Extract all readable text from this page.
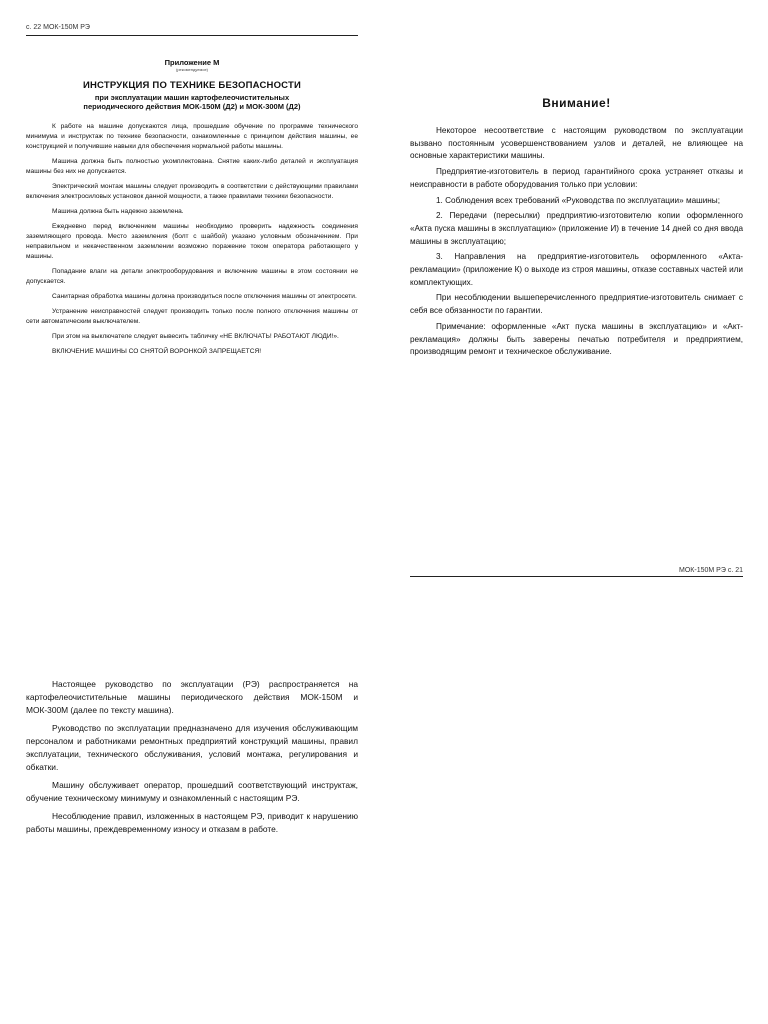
с. 22 МОК-150М РЭ
Приложение М
(рекомендуемое)
ИНСТРУКЦИЯ ПО ТЕХНИКЕ БЕЗОПАСНОСТИ
при эксплуатации машин картофелеочистительных
периодического действия МОК-150М (Д2) и МОК-300М (Д2)

К работе на машине допускаются лица, прошедшие обучение по программе технического минимума и инструктаж по технике безопасности, ознакомленные с принципом действия машины, ее конструкцией и получившие навыки для обеспечения нормальной работы машины.

Машина должна быть полностью укомплектована. Снятие каких-либо деталей и эксплуатация машины без них не допускается.

Электрический монтаж машины следует производить в соответствии с действующими правилами включения электросиловых установок данной мощности, а также правилами техники безопасности.

Машина должна быть надежно заземлена.

Ежедневно перед включением машины необходимо проверить надежность соединения заземляющего провода. Место заземления (болт с шайбой) указано условным обозначением. При неправильном и некачественном заземлении возможно поражение током оператора работающего у машины.

Попадание влаги на детали электрооборудования и включение машины в этом состоянии не допускается.

Санитарная обработка машины должна производиться после отключения машины от электросети.

Устранение неисправностей следует производить только после полного отключения машины от сети автоматическим выключателем.

При этом на выключателе следует вывесить табличку «НЕ ВКЛЮЧАТЬ! РАБОТАЮТ ЛЮДИ!».

ВКЛЮЧЕНИЕ МАШИНЫ СО СНЯТОЙ ВОРОНКОЙ ЗАПРЕЩАЕТСЯ!

Внимание!

Некоторое несоответствие с настоящим руководством по эксплуатации вызвано постоянным усовершенствованием узлов и деталей, не влияющее на основные характеристики машины.

Предприятие-изготовитель в период гарантийного срока устраняет отказы и неисправности в работе оборудования только при условии:

1. Соблюдения всех требований «Руководства по эксплуатации» машины;

2. Передачи (пересылки) предприятию-изготовителю копии оформленного «Акта пуска машины в эксплуатацию» (приложение И) в течение 14 дней со дня ввода машины в эксплуатацию;

3. Направления на предприятие-изготовитель оформленного «Акта-рекламации» (приложение К) о выходе из строя машины, отказе составных частей или комплектующих.

При несоблюдении вышеперечисленного предприятие-изготовитель снимает с себя все обязанности по гарантии.

Примечание: оформленные «Акт пуска машины в эксплуатацию» и «Акт-рекламация» должны быть заверены печатью потребителя и предприятием, производящим ремонт и техническое обслуживание.

МОК-150М РЭ с. 21

Настоящее руководство по эксплуатации (РЭ) распространяется на картофелеочистительные машины периодического действия МОК-150М и МОК-300М (далее по тексту машина).

Руководство по эксплуатации предназначено для изучения обслуживающим персоналом и работниками ремонтных предприятий конструкций машины, правил эксплуатации, технического обслуживания, условий монтажа, регулирования и обкатки.

Машину обслуживает оператор, прошедший соответствующий инструктаж, обучение техническому минимуму и ознакомленный с настоящим РЭ.

Несоблюдение правил, изложенных в настоящем РЭ, приводит к нарушению работы машины, преждевременному износу и отказам в работе.
